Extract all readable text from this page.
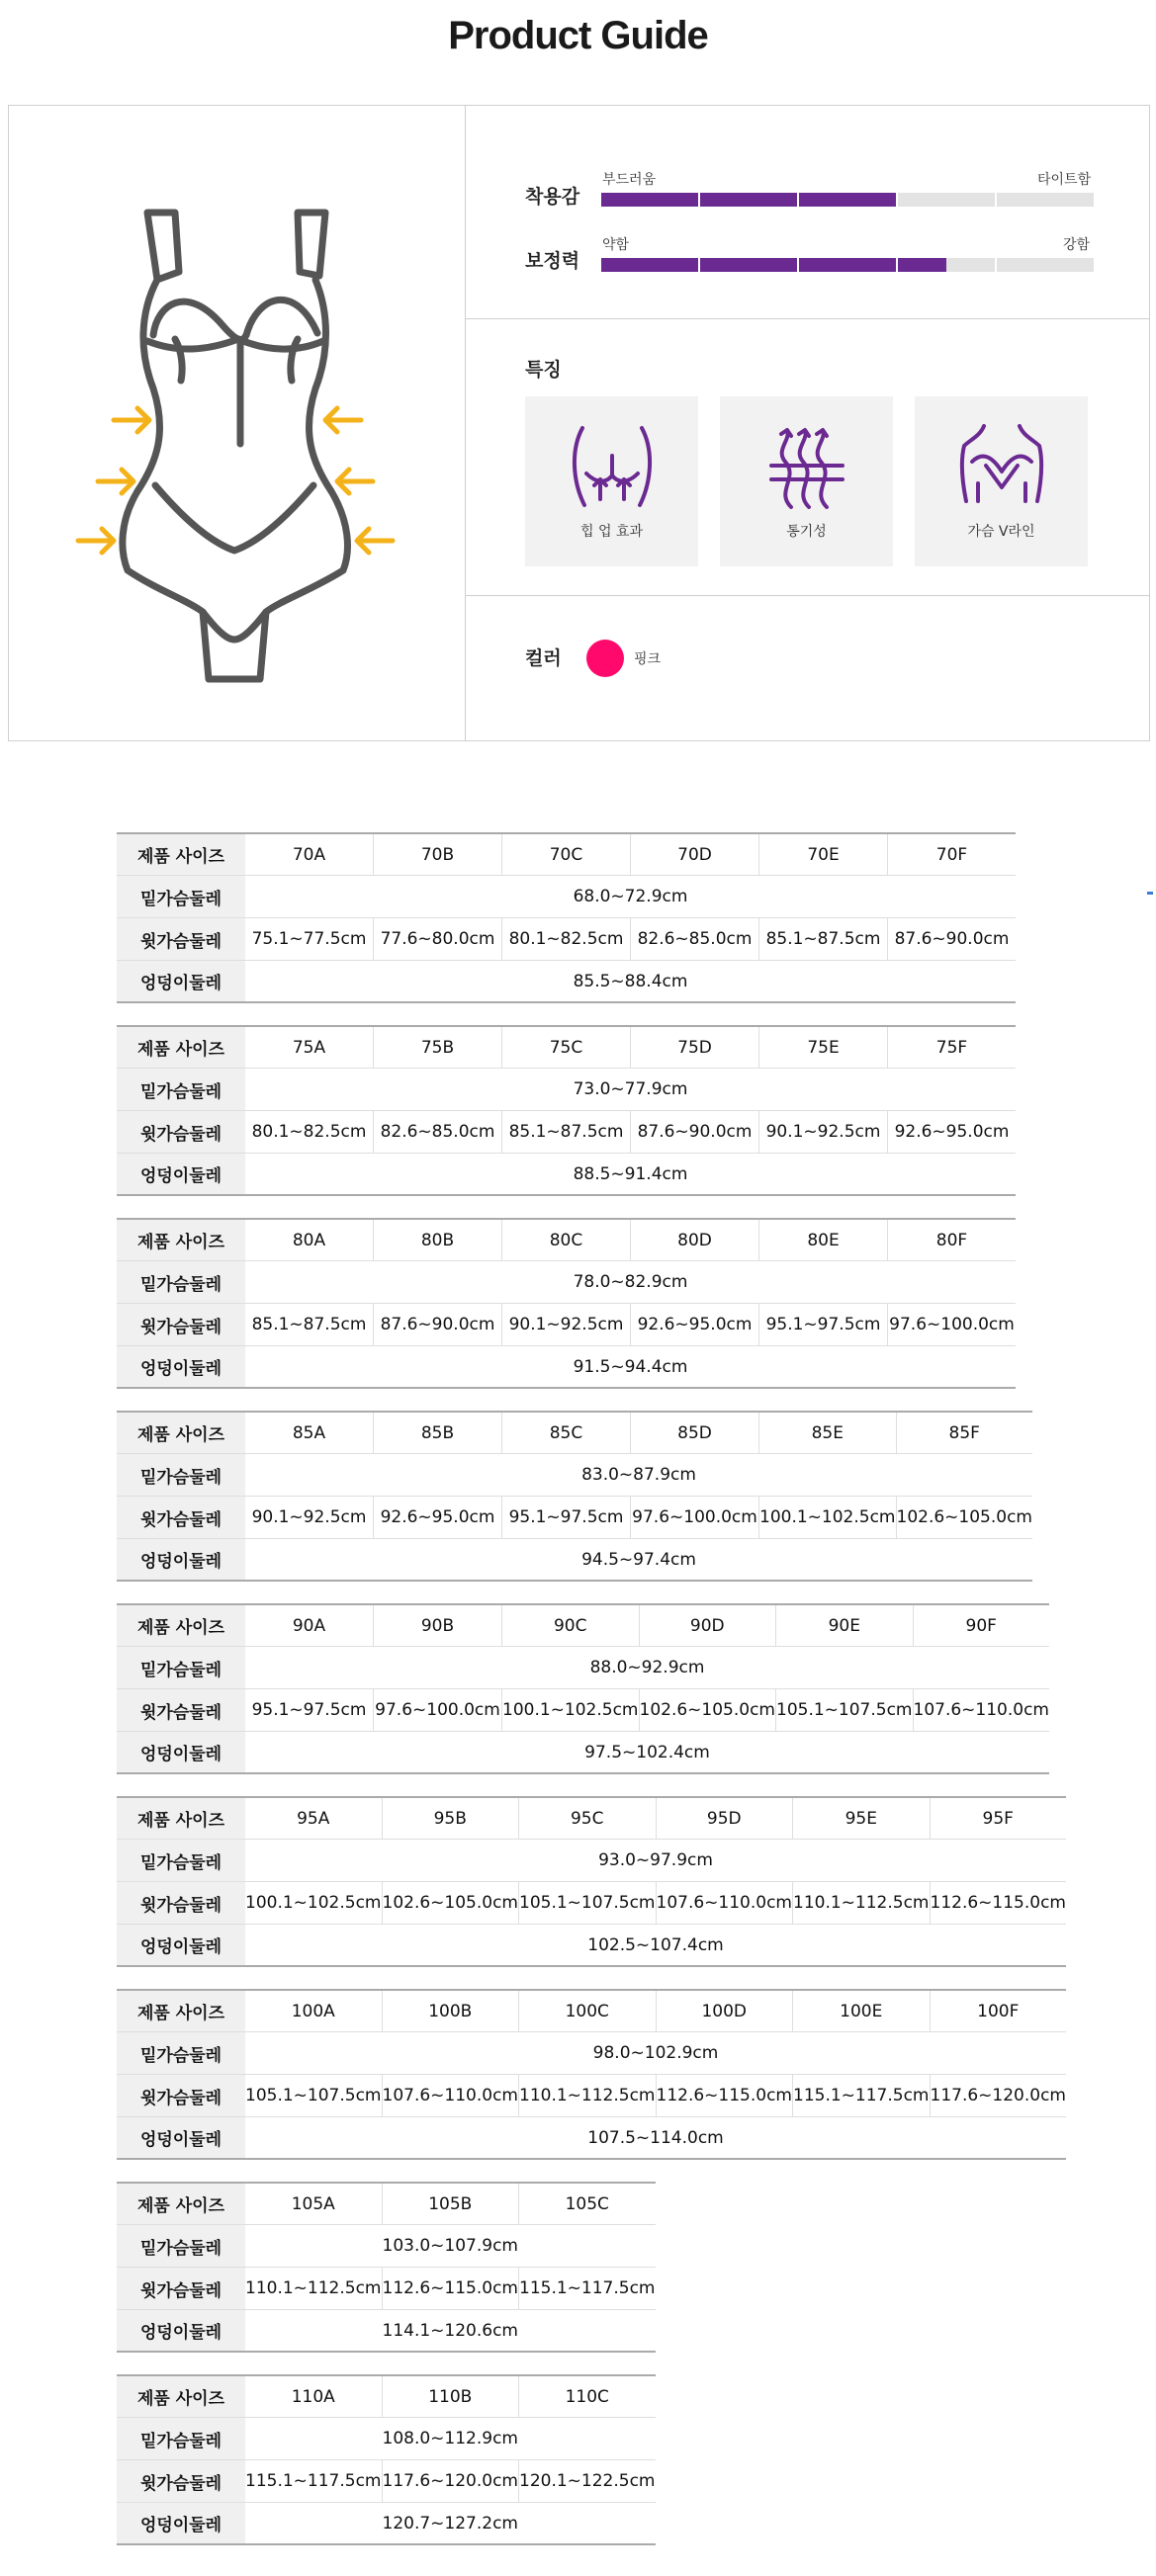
Product Guide
착용감
부드러움	타이트함
보정력
약함	강함
특징
힙 업 효과	통기성	가슴 V라인
컬러	핑크
제품 사이즈	70A	70B	70C	70D	70E	70F
밑가슴둘레	68.0~72.9cm					
윗가슴둘레	75.1~77.5cm	77.6~80.0cm	80.1~82.5cm	82.6~85.0cm	85.1~87.5cm	87.6~90.0cm
엉덩이둘레	85.5~88.4cm					
제품 사이즈	75A	75B	75C	75D	75E	75F
밑가슴둘레	73.0~77.9cm					
윗가슴둘레	80.1~82.5cm	82.6~85.0cm	85.1~87.5cm	87.6~90.0cm	90.1~92.5cm	92.6~95.0cm
엉덩이둘레	88.5~91.4cm					
제품 사이즈	80A	80B	80C	80D	80E	80F
밑가슴둘레	78.0~82.9cm					
윗가슴둘레	85.1~87.5cm	87.6~90.0cm	90.1~92.5cm	92.6~95.0cm	95.1~97.5cm	97.6~100.0cm
엉덩이둘레	91.5~94.4cm					
제품 사이즈	85A	85B	85C	85D	85E	85F
밑가슴둘레	83.0~87.9cm					
윗가슴둘레	90.1~92.5cm	92.6~95.0cm	95.1~97.5cm	97.6~100.0cm	100.1~102.5cm	102.6~105.0cm
엉덩이둘레	94.5~97.4cm					
제품 사이즈	90A	90B	90C	90D	90E	90F
밑가슴둘레	88.0~92.9cm					
윗가슴둘레	95.1~97.5cm	97.6~100.0cm	100.1~102.5cm	102.6~105.0cm	105.1~107.5cm	107.6~110.0cm
엉덩이둘레	97.5~102.4cm					
제품 사이즈	95A	95B	95C	95D	95E	95F
밑가슴둘레	93.0~97.9cm					
윗가슴둘레	100.1~102.5cm	102.6~105.0cm	105.1~107.5cm	107.6~110.0cm	110.1~112.5cm	112.6~115.0cm
엉덩이둘레	102.5~107.4cm					
제품 사이즈	100A	100B	100C	100D	100E	100F
밑가슴둘레	98.0~102.9cm					
윗가슴둘레	105.1~107.5cm	107.6~110.0cm	110.1~112.5cm	112.6~115.0cm	115.1~117.5cm	117.6~120.0cm
엉덩이둘레	107.5~114.0cm					
제품 사이즈	105A	105B	105C
밑가슴둘레	103.0~107.9cm		
윗가슴둘레	110.1~112.5cm	112.6~115.0cm	115.1~117.5cm
엉덩이둘레	114.1~120.6cm		
제품 사이즈	110A	110B	110C
밑가슴둘레	108.0~112.9cm		
윗가슴둘레	115.1~117.5cm	117.6~120.0cm	120.1~122.5cm
엉덩이둘레	120.7~127.2cm		
